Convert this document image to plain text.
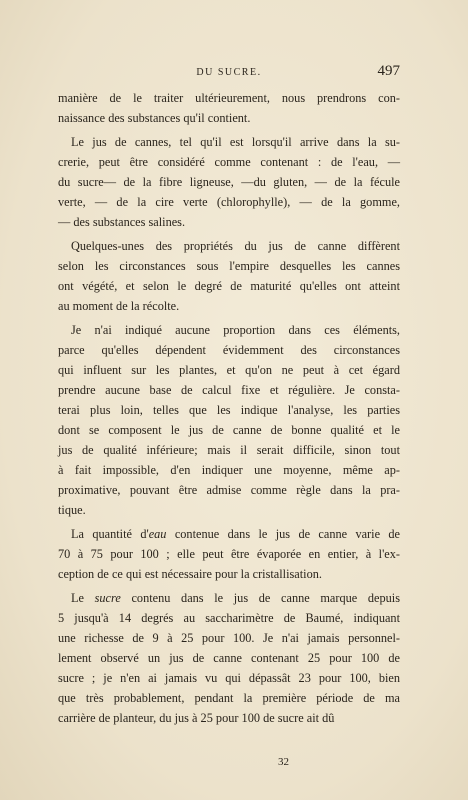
DU SUCRE.	497
manière de le traiter ultérieurement, nous prendrons con-
naissance des substances qu'il contient.
Le jus de cannes, tel qu'il est lorsqu'il arrive dans la su-
crerie, peut être considéré comme contenant : de l'eau, —
du sucre— de la fibre ligneuse, —du gluten, — de la fécule
verte, — de la cire verte (chlorophylle), — de la gomme,
— des substances salines.
Quelques-unes des propriétés du jus de canne diffèrent
selon les circonstances sous l'empire desquelles les cannes
ont végété, et selon le degré de maturité qu'elles ont atteint
au moment de la récolte.
Je n'ai indiqué aucune proportion dans ces éléments,
parce qu'elles dépendent évidemment des circonstances
qui influent sur les plantes, et qu'on ne peut à cet égard
prendre aucune base de calcul fixe et régulière. Je consta-
terai plus loin, telles que les indique l'analyse, les parties
dont se composent le jus de canne de bonne qualité et le
jus de qualité inférieure; mais il serait difficile, sinon tout
à fait impossible, d'en indiquer une moyenne, même ap-
proximative, pouvant être admise comme règle dans la pra-
tique.
La quantité d'eau contenue dans le jus de canne varie de
70 à 75 pour 100 ; elle peut être évaporée en entier, à l'ex-
ception de ce qui est nécessaire pour la cristallisation.
Le sucre contenu dans le jus de canne marque depuis
5 jusqu'à 14 degrés au saccharimètre de Baumé, indiquant
une richesse de 9 à 25 pour 100. Je n'ai jamais personnel-
lement observé un jus de canne contenant 25 pour 100 de
sucre ; je n'en ai jamais vu qui dépassât 23 pour 100, bien
que très probablement, pendant la première période de ma
carrière de planteur, du jus à 25 pour 100 de sucre ait dû
32
